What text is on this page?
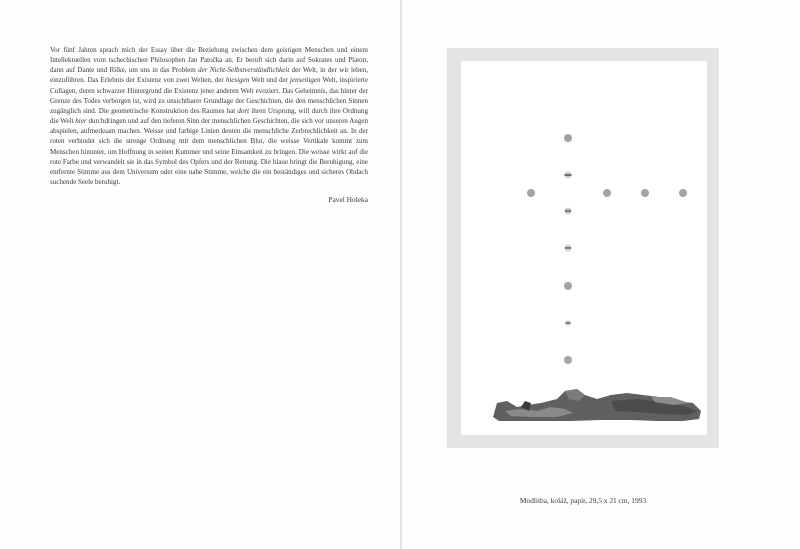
Vor fünf Jahren sprach mich der Essay über die Beziehung zwischen dem geistigen Menschen und einem Intellektuellen vom tschechischen Philosophen Jan Patočka an. Er beruft sich darin auf Sokrates und Platon, dann auf Dante und Rilke, um uns in das Problem der Nicht-Selbstverständlichkeit der Welt, in der wir leben, einzuführen. Das Erlebnis der Existenz von zwei Welten, der hiesigen Welt und der jenseitigen Welt, inspirierte Collagen, deren schwarzer Hintergrund die Existenz jener anderen Welt evoziert. Das Geheimnis, das hinter der Grenze des Todes verborgen ist, wird zu unsichtbarer Grundlage der Geschichten, die den menschlichen Sinnen zugänglich sind. Die geometrische Konstruktion des Raumes hat dort ihren Ursprung, will durch ihre Ordnung die Welt hier durchdringen und auf den tieferen Sinn der menschlichen Geschichten, die sich vor unseren Augen abspielen, aufmerksam machen. Weisse und farbige Linien deuten die menschliche Zerbrechlichkeit an. In der roten verbindet sich die strenge Ordnung mit dem menschlichen Blut, die weisse Vertikale kommt zum Menschen hinunter, um Hoffnung in seinen Kummer und seine Einsamkeit zu bringen. Die weisse wirkt auf die rote Farbe und verwandelt sie in das Symbol des Opfers und der Rettung. Die blaue bringt die Beruhigung, eine entfernte Stimme aus dem Universum oder eine nahe Stimme, welche die ein beständiges und sicheres Obdach suchende Seele beruhigt.

Pavel Holeka
Modlitba, koláž, papír, 29,5 x 21 cm, 1993
